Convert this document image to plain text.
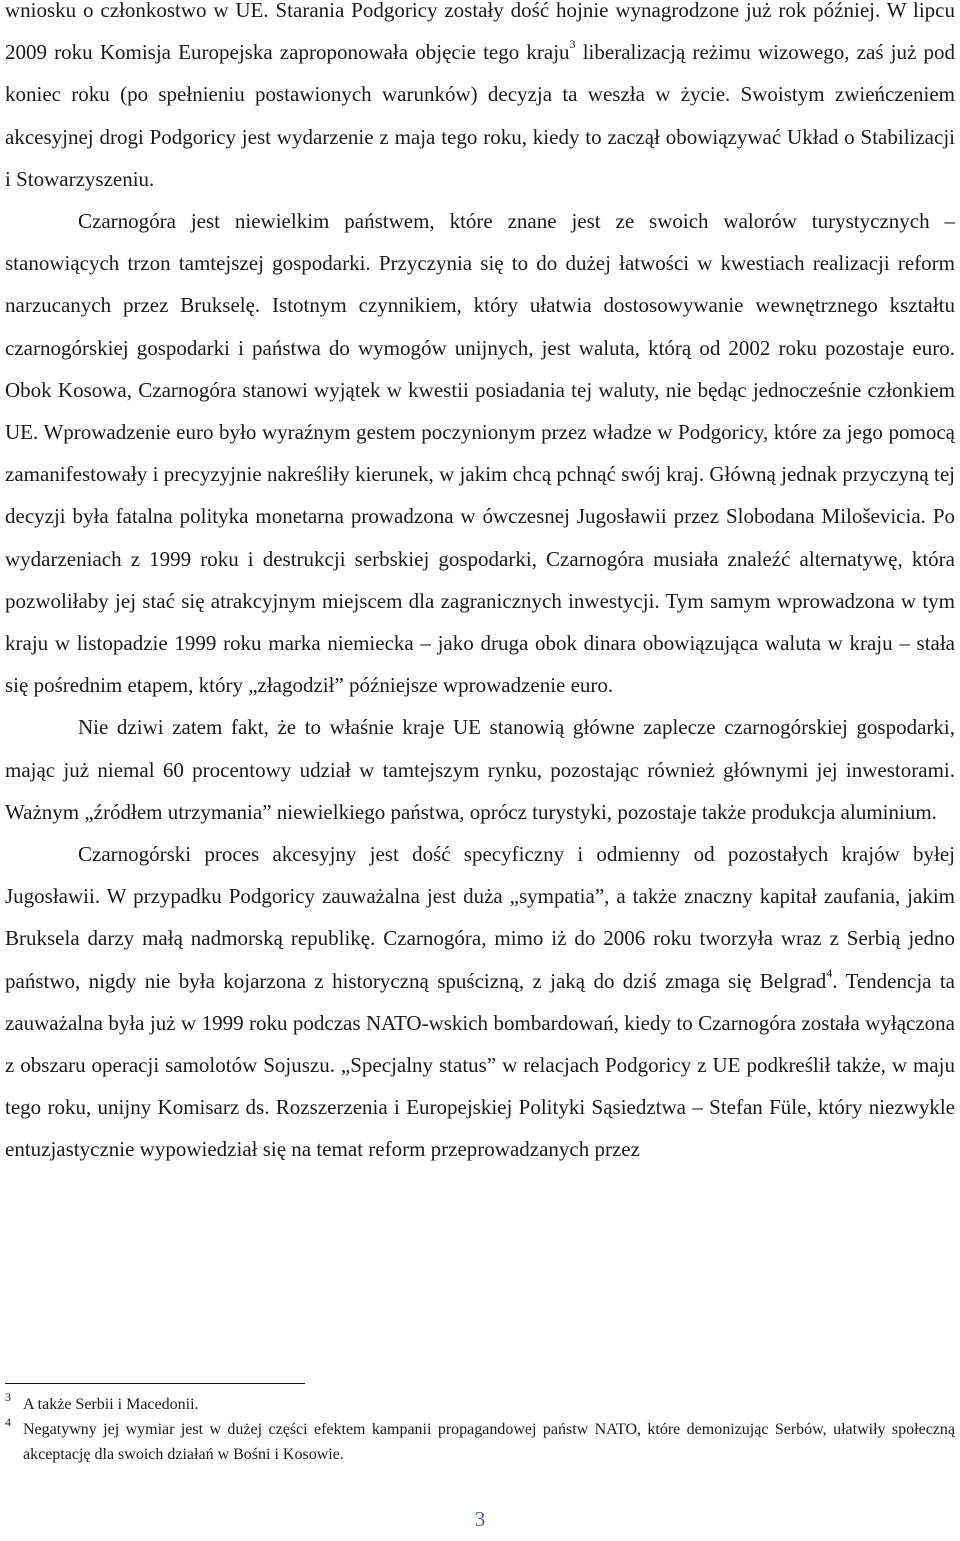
wniosku o członkostwo w UE. Starania Podgoricy zostały dość hojnie wynagrodzone już rok później. W lipcu 2009 roku Komisja Europejska zaproponowała objęcie tego kraju$^3$ liberalizacją reżimu wizowego, zaś już pod koniec roku (po spełnieniu postawionych warunków) decyzja ta weszła w życie. Swoistym zwieńczeniem akcesyjnej drogi Podgoricy jest wydarzenie z maja tego roku, kiedy to zaczął obowiązywać Układ o Stabilizacji i Stowarzyszeniu.

Czarnogóra jest niewielkim państwem, które znane jest ze swoich walorów turystycznych – stanowiących trzon tamtejszej gospodarki. Przyczynia się to do dużej łatwości w kwestiach realizacji reform narzucanych przez Brukselę. Istotnym czynnikiem, który ułatwia dostosowywanie wewnętrznego kształtu czarnogórskiej gospodarki i państwa do wymogów unijnych, jest waluta, którą od 2002 roku pozostaje euro. Obok Kosowa, Czarnogóra stanowi wyjątek w kwestii posiadania tej waluty, nie będąc jednocześnie członkiem UE. Wprowadzenie euro było wyraźnym gestem poczynionym przez władze w Podgoricy, które za jego pomocą zamanifestowały i precyzyjnie nakreśliły kierunek, w jakim chcą pchnąć swój kraj. Główną jednak przyczyną tej decyzji była fatalna polityka monetarna prowadzona w ówczesnej Jugosławii przez Slobodana Miloševicia. Po wydarzeniach z 1999 roku i destrukcji serbskiej gospodarki, Czarnogóra musiała znaleźć alternatywę, która pozwoliłaby jej stać się atrakcyjnym miejscem dla zagranicznych inwestycji. Tym samym wprowadzona w tym kraju w listopadzie 1999 roku marka niemiecka – jako druga obok dinara obowiązująca waluta w kraju – stała się pośrednim etapem, który „złagodził” późniejsze wprowadzenie euro.

Nie dziwi zatem fakt, że to właśnie kraje UE stanowią główne zaplecze czarnogórskiej gospodarki, mając już niemal 60 procentowy udział w tamtejszym rynku, pozostając również głównymi jej inwestorami. Ważnym „źródłem utrzymania” niewielkiego państwa, oprócz turystyki, pozostaje także produkcja aluminium.

Czarnogórski proces akcesyjny jest dość specyficzny i odmienny od pozostałych krajów byłej Jugosławii. W przypadku Podgoricy zauważalna jest duża „sympatia”, a także znaczny kapitał zaufania, jakim Bruksela darzy małą nadmorską republikę. Czarnogóra, mimo iż do 2006 roku tworzyła wraz z Serbią jedno państwo, nigdy nie była kojarzona z historyczną spuścizną, z jaką do dziś zmaga się Belgrad$^4$. Tendencja ta zauważalna była już w 1999 roku podczas NATO-wskich bombardowań, kiedy to Czarnogóra została wyłączona z obszaru operacji samolotów Sojuszu. „Specjalny status” w relacjach Podgoricy z UE podkreślił także, w maju tego roku, unijny Komisarz ds. Rozszerzenia i Europejskiej Polityki Sąsiedztwa – Stefan Füle, który niezwykle entuzjastycznie wypowiedział się na temat reform przeprowadzanych przez

3 A także Serbii i Macedonii.

4 Negatywny jej wymiar jest w dużej części efektem kampanii propagandowej państw NATO, które demonizując Serbów, ułatwiły społeczną akceptację dla swoich działań w Bośni i Kosowie.

3
